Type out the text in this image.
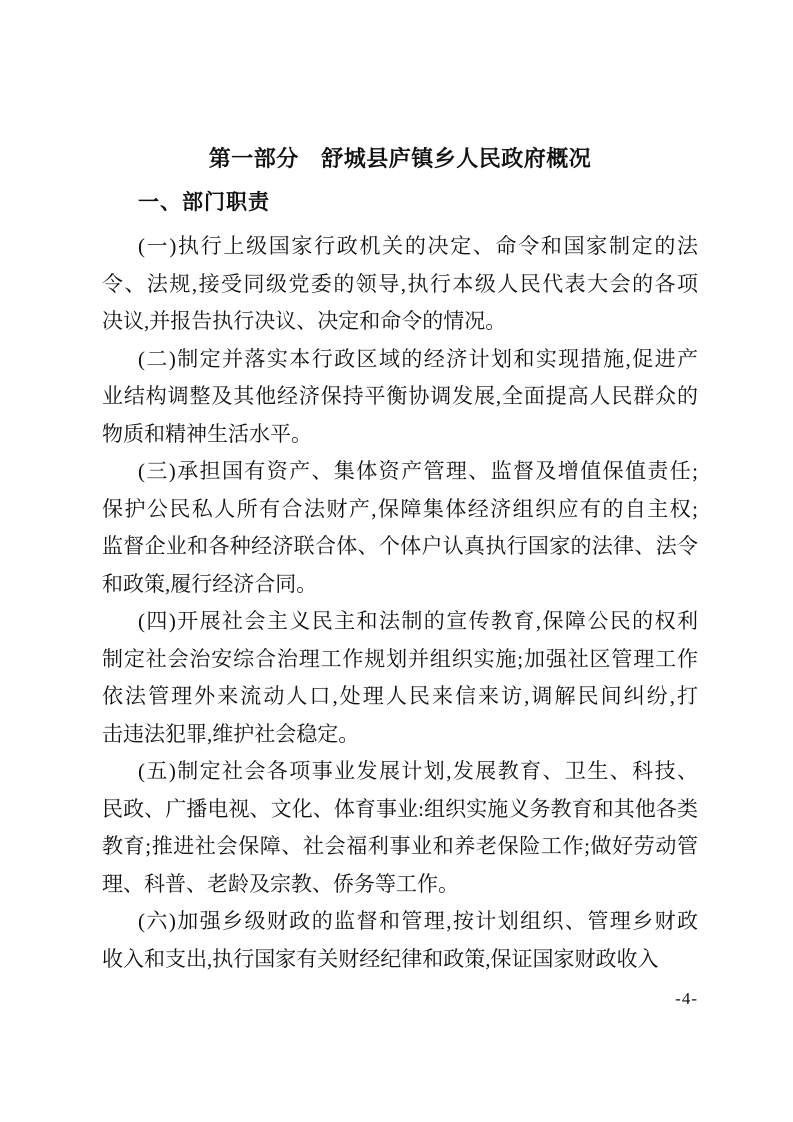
第一部分　舒城县庐镇乡人民政府概况
一、部门职责
(一)执行上级国家行政机关的决定、命令和国家制定的法
令、法规,接受同级党委的领导,执行本级人民代表大会的各项
决议,并报告执行决议、决定和命令的情况。
(二)制定并落实本行政区域的经济计划和实现措施,促进产
业结构调整及其他经济保持平衡协调发展,全面提高人民群众的
物质和精神生活水平。
(三)承担国有资产、集体资产管理、监督及增值保值责任;
保护公民私人所有合法财产,保障集体经济组织应有的自主权;
监督企业和各种经济联合体、个体户认真执行国家的法律、法令
和政策,履行经济合同。
(四)开展社会主义民主和法制的宣传教育,保障公民的权利
制定社会治安综合治理工作规划并组织实施;加强社区管理工作
依法管理外来流动人口,处理人民来信来访,调解民间纠纷,打
击违法犯罪,维护社会稳定。
(五)制定社会各项事业发展计划,发展教育、卫生、科技、
民政、广播电视、文化、体育事业:组织实施义务教育和其他各类
教育;推进社会保障、社会福利事业和养老保险工作;做好劳动管
理、科普、老龄及宗教、侨务等工作。
(六)加强乡级财政的监督和管理,按计划组织、管理乡财政
收入和支出,执行国家有关财经纪律和政策,保证国家财政收入
-4-
